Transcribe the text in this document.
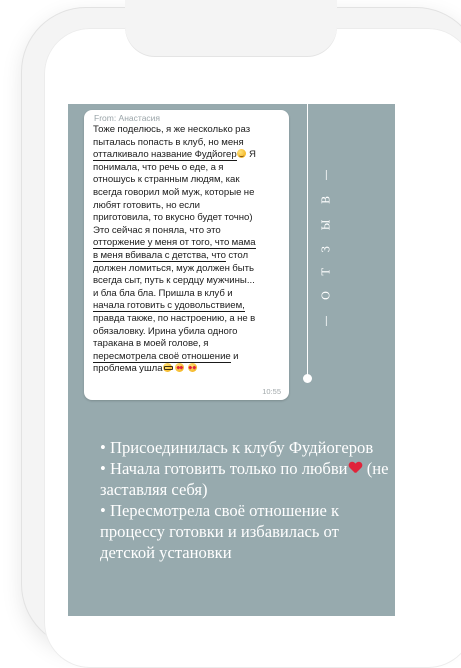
From: Анастасия
Тоже поделюсь, я же несколько раз
пыталась попасть в клуб, но меня
отталкивало название Фудйогер Я
понимала, что речь о еде, а я
отношусь к странным людям, как
всегда говорил мой муж, которые не
любят готовить, но если
приготовила, то вкусно будет точно)
Это сейчас я поняла, что это
отторжение у меня от того, что мама
в меня вбивала с детства, что стол
должен ломиться, муж должен быть
всегда сыт, путь к сердцу мужчины...
и бла бла бла. Пришла в клуб и
начала готовить с удовольствием,
правда также, по настроению, а не в
обязаловку. Ирина убила одного
таракана в моей голове, я
пересмотрела своё отношение и
проблема ушла
10:55
— О Т З Ы В —
• Присоединилась к клубу Фудйогеров
• Начала готовить только по любви (не заставляя себя)
• Пересмотрела своё отношение к процессу готовки и избавилась от детской установки
